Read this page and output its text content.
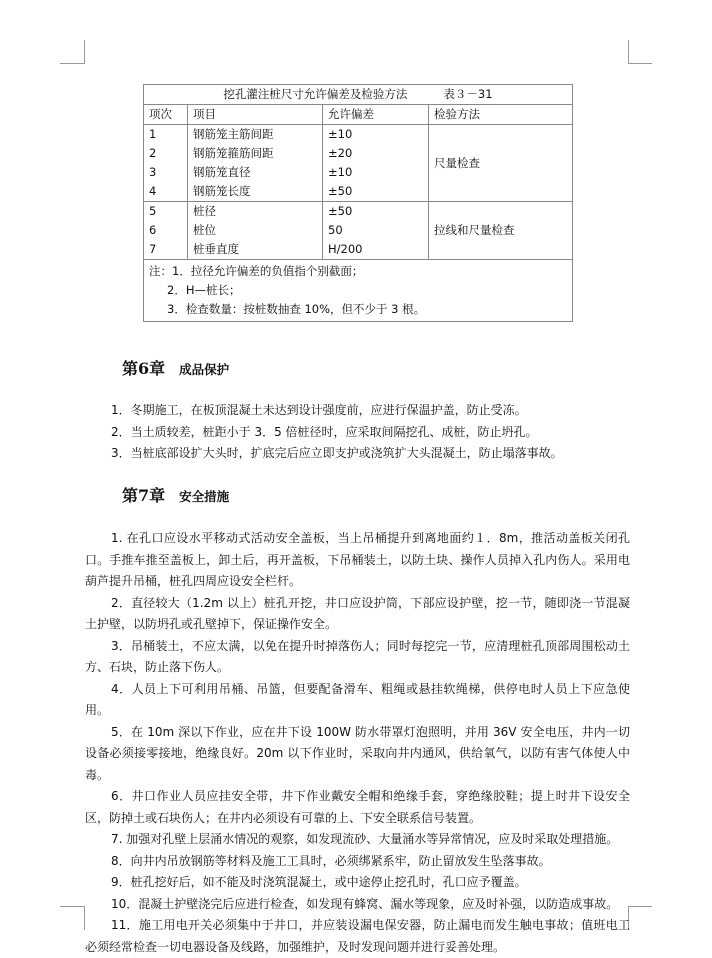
挖孔灌注桩尺寸允许偏差及检验方法 表３－31			
项次	项目	允许偏差	检验方法
1	钢筋笼主筋间距	±10	尺量检查
2	钢筋笼箍筋间距	±20	
3	钢筋笼直径	±10	
4	钢筋笼长度	±50	
5	桩径	±50	拉线和尺量检查
6	桩位	50	
7	桩垂直度	H/200	

注：1．拉径允许偏差的负值指个别截面；
2．H—桩长；
3．检查数量：按桩数抽查 10%，但不少于 3 根。			
第6章 成品保护

1．冬期施工，在板顶混凝土未达到设计强度前，应进行保温护盖，防止受冻。

2．当土质较差，桩距小于 3．5 倍桩径时，应采取间隔挖孔、成桩，防止坍孔。

3．当桩底部设扩大头时，扩底完后应立即支护或浇筑扩大头混凝土，防止塌落事故。

第7章 安全措施

1. 在孔口应设水平移动式活动安全盖板，当上吊桶提升到离地面约１．8m，推活动盖板关闭孔口。手推车推至盖板上，卸土后，再开盖板，下吊桶装土，以防土块、操作人员掉入孔内伤人。采用电葫芦提升吊桶，桩孔四周应设安全栏杆。

2．直径较大（1.2m 以上）桩孔开挖，井口应设护筒，下部应设护壁，挖一节，随即浇一节混凝土护壁，以防坍孔或孔壁掉下，保证操作安全。

3．吊桶装土，不应太满，以免在提升时掉落伤人；同时每挖完一节，应清理桩孔顶部周围松动土方、石块，防止落下伤人。

4．人员上下可利用吊桶、吊篮，但要配备滑车、粗绳或悬挂软绳梯，供停电时人员上下应急使用。

5．在 10m 深以下作业，应在井下设 100W 防水带罩灯泡照明，并用 36V 安全电压，井内一切设备必须接零接地，绝缘良好。20m 以下作业时，采取向井内通风，供给氧气，以防有害气体使人中毒。

6．井口作业人员应挂安全带，井下作业戴安全帽和绝缘手套，穿绝缘胶鞋；提上时井下设安全区，防掉土或石块伤人；在井内必须设有可靠的上、下安全联系信号装置。

7. 加强对孔壁上层涌水情况的观察，如发现流砂、大量涌水等异常情况，应及时采取处理措施。

8．向井内吊放钢筋等材料及施工工具时，必须绑紧系牢，防止留放发生坠落事故。

9．桩孔挖好后，如不能及时浇筑混凝土，或中途停止挖孔时，孔口应予覆盖。

10．混凝土护壁浇完后应进行检查，如发现有蜂窝、漏水等现象，应及时补强，以防造成事故。

11．施工用电开关必须集中于井口，并应装设漏电保安器，防止漏电而发生触电事故；值班电工必须经常检查一切电器设备及线路，加强维护，及时发现问题并进行妥善处理。
